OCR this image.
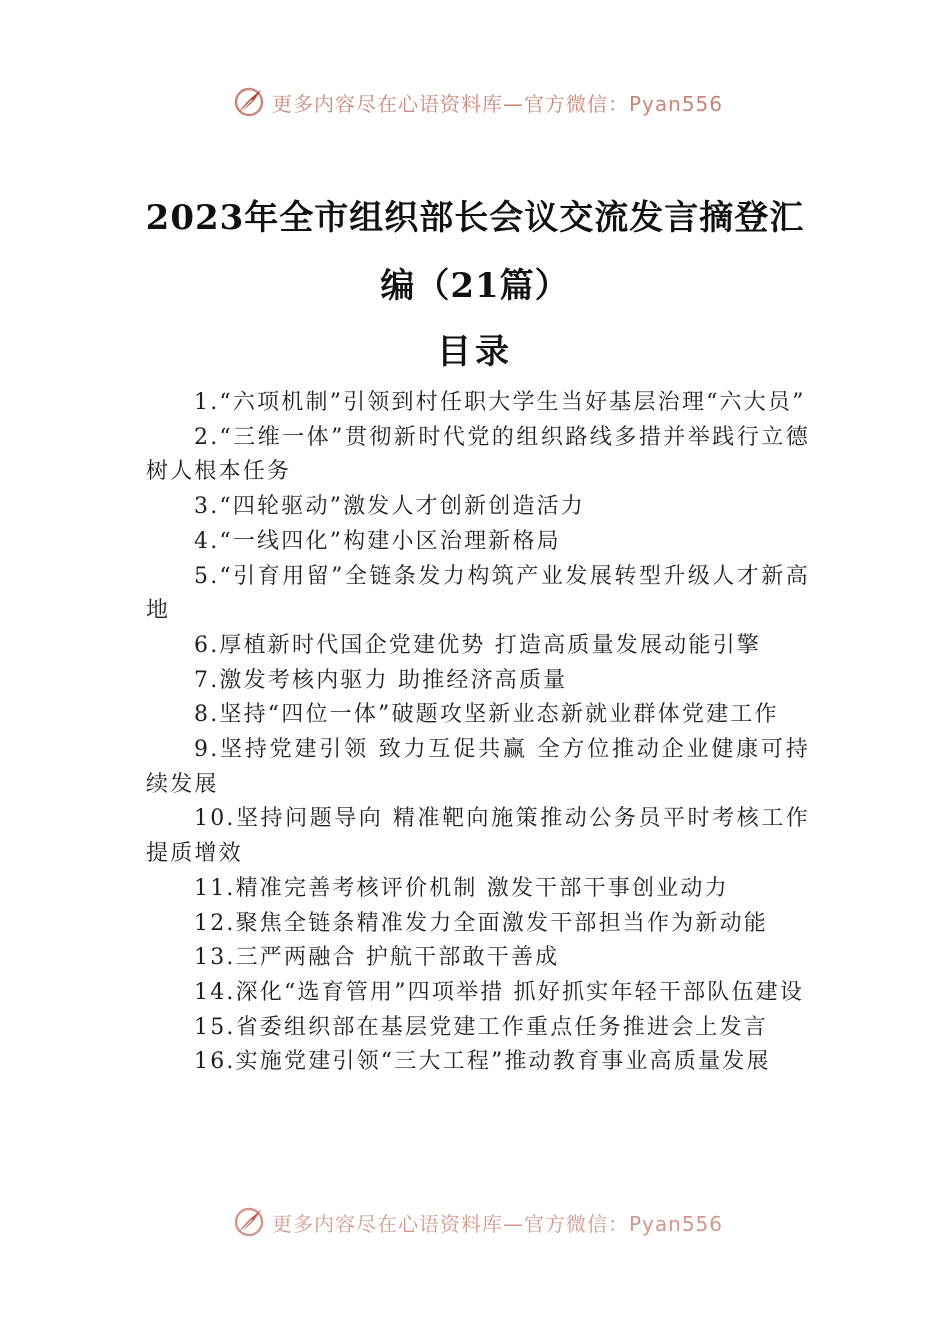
更多内容尽在心语资料库—官方微信：Pyan556
2023年全市组织部长会议交流发言摘登汇
编（21篇）
目录
1.“六项机制”引领到村任职大学生当好基层治理“六大员”
2.“三维一体”贯彻新时代党的组织路线多措并举践行立德树人根本任务
3.“四轮驱动”激发人才创新创造活力
4.“一线四化”构建小区治理新格局
5.“引育用留”全链条发力构筑产业发展转型升级人才新高地
6.厚植新时代国企党建优势 打造高质量发展动能引擎
7.激发考核内驱力 助推经济高质量
8.坚持“四位一体”破题攻坚新业态新就业群体党建工作
9.坚持党建引领 致力互促共赢 全方位推动企业健康可持续发展
10.坚持问题导向 精准靶向施策推动公务员平时考核工作提质增效
11.精准完善考核评价机制 激发干部干事创业动力
12.聚焦全链条精准发力全面激发干部担当作为新动能
13.三严两融合 护航干部敢干善成
14.深化“选育管用”四项举措 抓好抓实年轻干部队伍建设
15.省委组织部在基层党建工作重点任务推进会上发言
16.实施党建引领“三大工程”推动教育事业高质量发展
更多内容尽在心语资料库—官方微信：Pyan556
